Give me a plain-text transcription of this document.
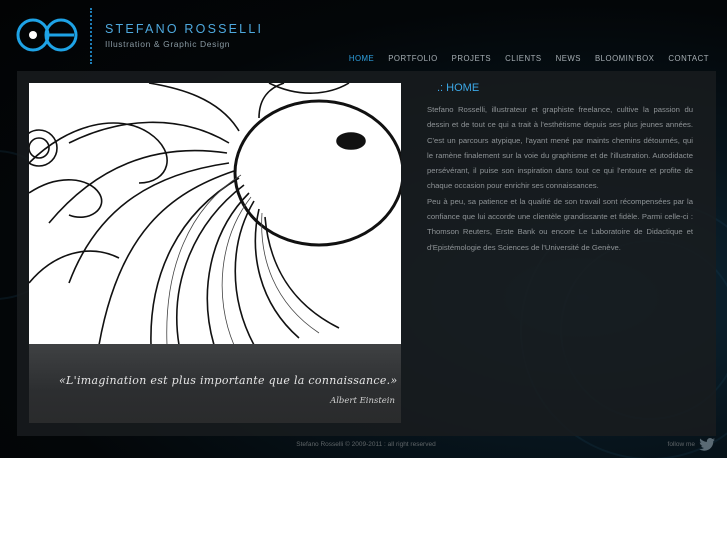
STEFANO ROSSELLI
Illustration & Graphic Design
HOME	PORTFOLIO	PROJETS	CLIENTS	NEWS	BLOOMIN'BOX	CONTACT
«L'imagination est plus importante que la connaissance.»
Albert Einstein
.: HOME

Stefano Rosselli, illustrateur et graphiste freelance, cultive la passion du dessin et de tout ce qui a trait à l'esthétisme depuis ses plus jeunes années. C'est un parcours atypique, l'ayant mené par maints chemins détournés, qui le ramène finalement sur la voie du graphisme et de l'illustration. Autodidacte persévérant, il puise son inspiration dans tout ce qui l'entoure et profite de chaque occasion pour enrichir ses connaissances.

Peu à peu, sa patience et la qualité de son travail sont récompensées par la confiance que lui accorde une clientèle grandissante et fidèle. Parmi celle-ci : Thomson Reuters, Erste Bank ou encore Le Laboratoire de Didactique et d'Epistémologie des Sciences de l'Université de Genève.

Stefano Rosselli © 2009-2011 : all right reserved	follow me
